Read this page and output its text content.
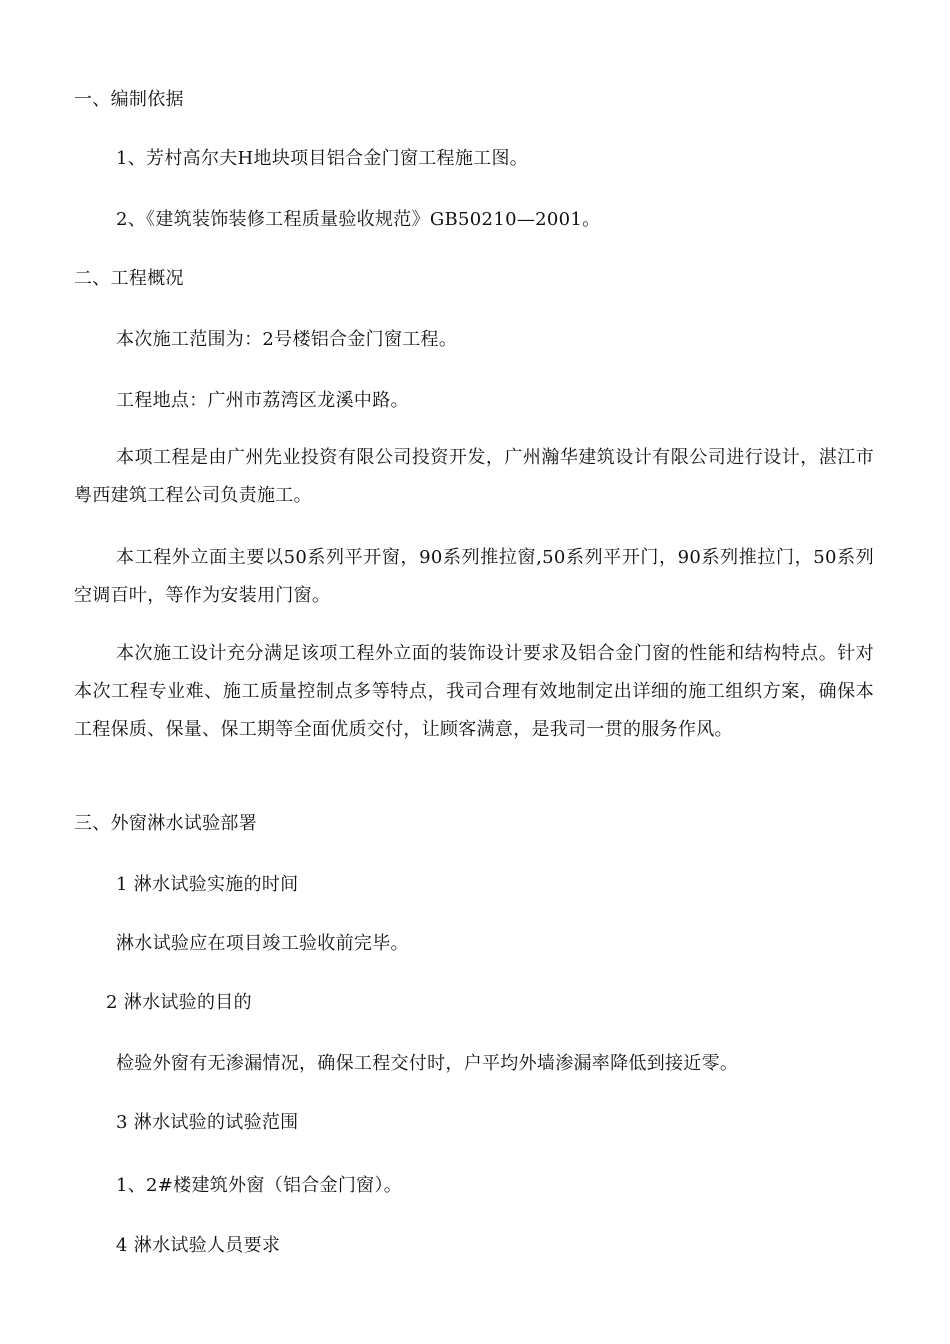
一、编制依据
1、芳村高尔夫H地块项目铝合金门窗工程施工图。
2、《建筑装饰装修工程质量验收规范》GB50210—2001。
二、工程概况
本次施工范围为：2号楼铝合金门窗工程。
工程地点：广州市荔湾区龙溪中路。
本项工程是由广州先业投资有限公司投资开发，广州瀚华建筑设计有限公司进行设计，湛江市粤西建筑工程公司负责施工。
本工程外立面主要以50系列平开窗，90系列推拉窗,50系列平开门，90系列推拉门，50系列空调百叶，等作为安装用门窗。
本次施工设计充分满足该项工程外立面的装饰设计要求及铝合金门窗的性能和结构特点。针对本次工程专业难、施工质量控制点多等特点，我司合理有效地制定出详细的施工组织方案，确保本工程保质、保量、保工期等全面优质交付，让顾客满意，是我司一贯的服务作风。
三、外窗淋水试验部署
1 淋水试验实施的时间
淋水试验应在项目竣工验收前完毕。
2 淋水试验的目的
检验外窗有无渗漏情况，确保工程交付时，户平均外墙渗漏率降低到接近零。
3 淋水试验的试验范围
1、2#楼建筑外窗（铝合金门窗）。
4 淋水试验人员要求
